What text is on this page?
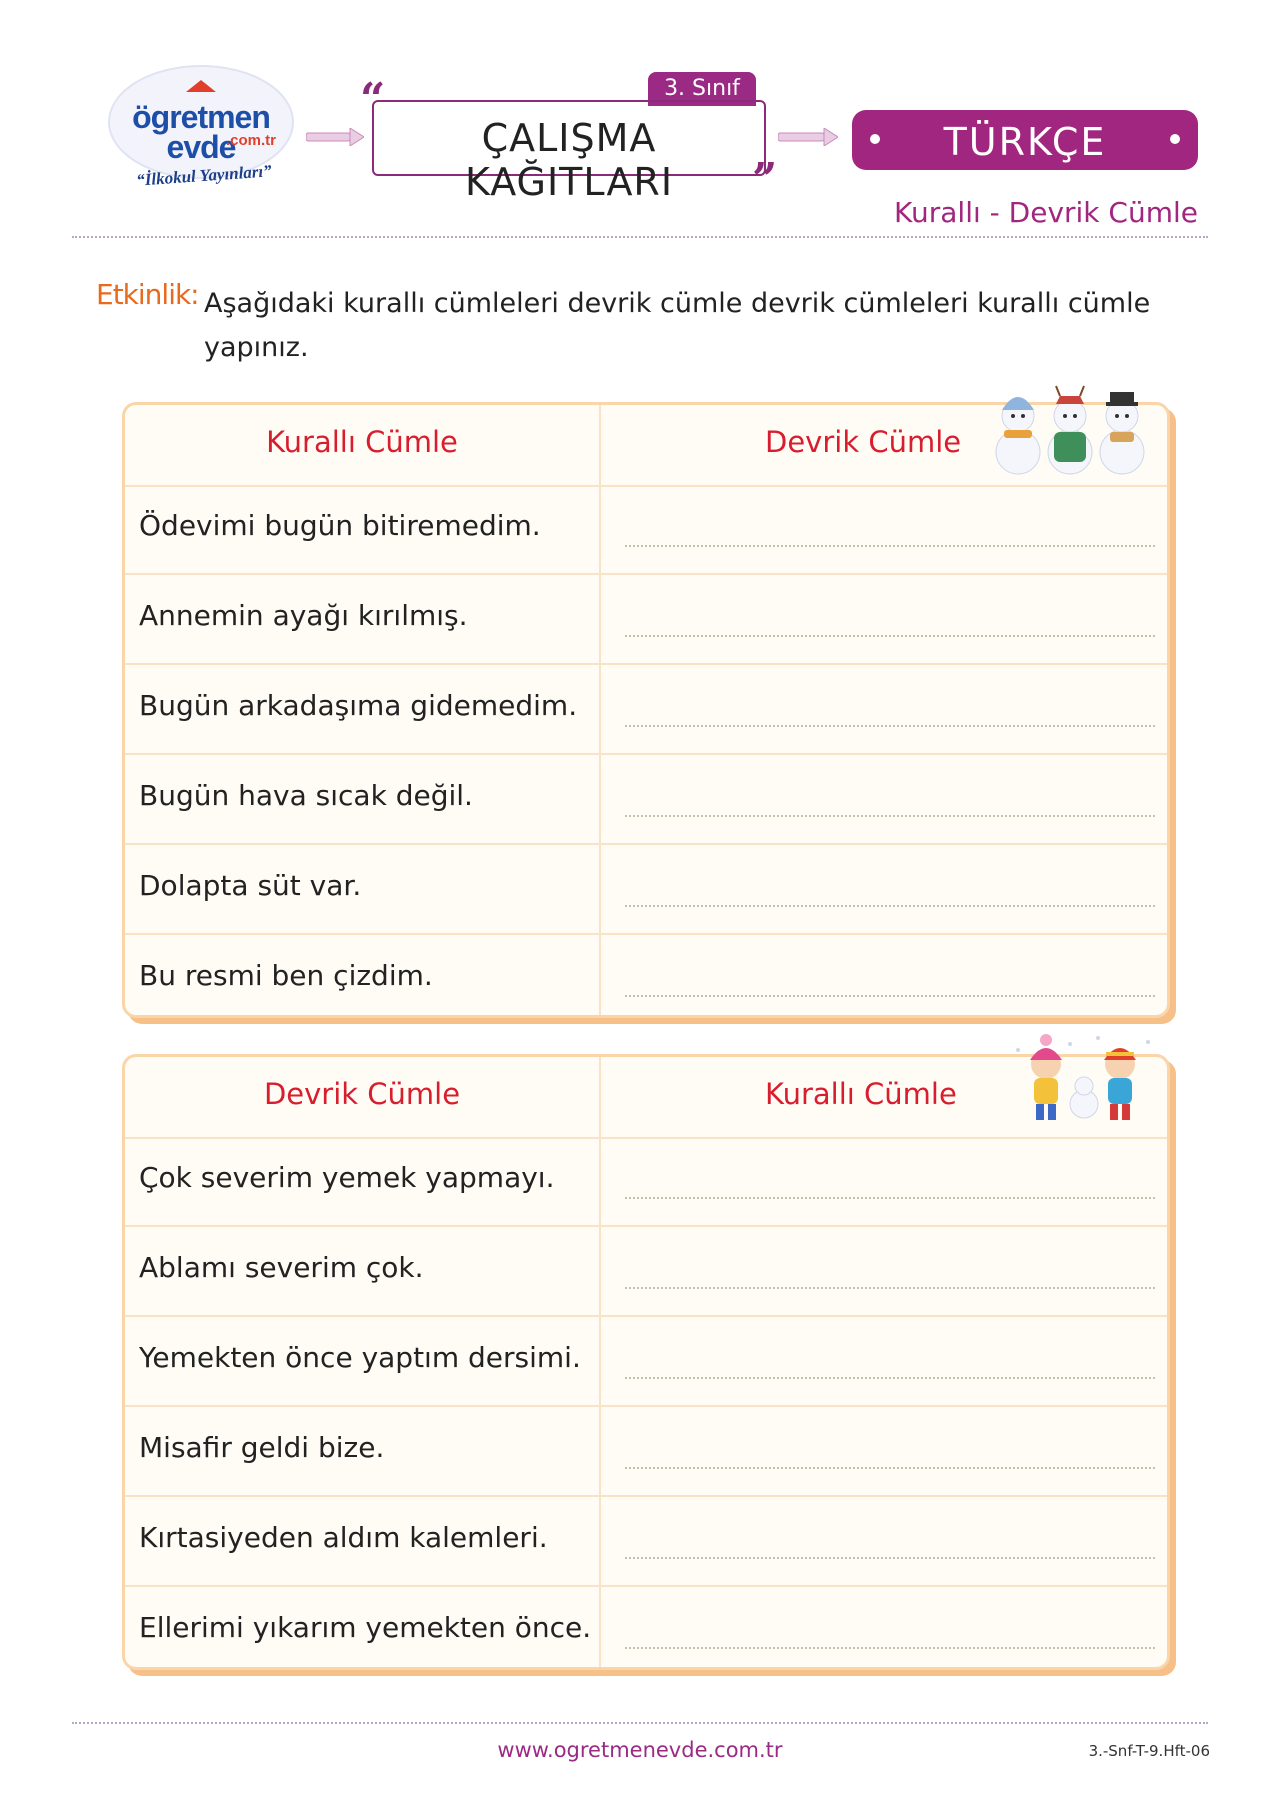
ögretmen evde
.com.tr
“İlkokul Yayınları”
3. Sınıf
ÇALIŞMA KAĞITLARI
“
”
TÜRKÇE
Kurallı - Devrik Cümle
Etkinlik: Aşağıdaki kurallı cümleleri devrik cümle devrik cümleleri kurallı cümle yapınız.
Kurallı Cümle	Devrik Cümle
Ödevimi bugün bitiremedim.
Annemin ayağı kırılmış.
Bugün arkadaşıma gidemedim.
Bugün hava sıcak değil.
Dolapta süt var.
Bu resmi ben çizdim.
Devrik Cümle	Kurallı Cümle
Çok severim yemek yapmayı.
Ablamı severim çok.
Yemekten önce yaptım dersimi.
Misafir geldi bize.
Kırtasiyeden aldım kalemleri.
Ellerimi yıkarım yemekten önce.
www.ogretmenevde.com.tr	3.-Snf-T-9.Hft-06
